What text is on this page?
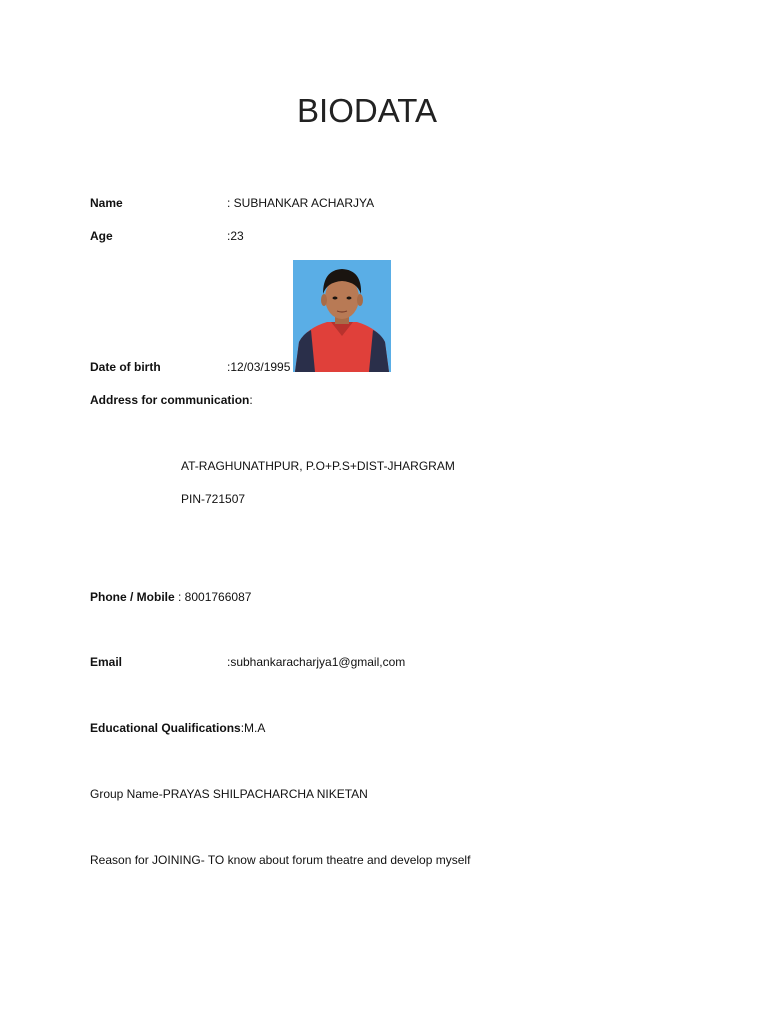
BIODATA
Name	: SUBHANKAR ACHARJYA
Age	:23
Date of birth	:12/03/1995
Address for communication:
AT-RAGHUNATHPUR, P.O+P.S+DIST-JHARGRAM
PIN-721507
Phone / Mobile : 8001766087
Email	:subhankaracharjya1@gmail,com
Educational Qualifications:M.A
Group Name-PRAYAS SHILPACHARCHA NIKETAN
Reason for JOINING- TO know about forum theatre and develop myself
